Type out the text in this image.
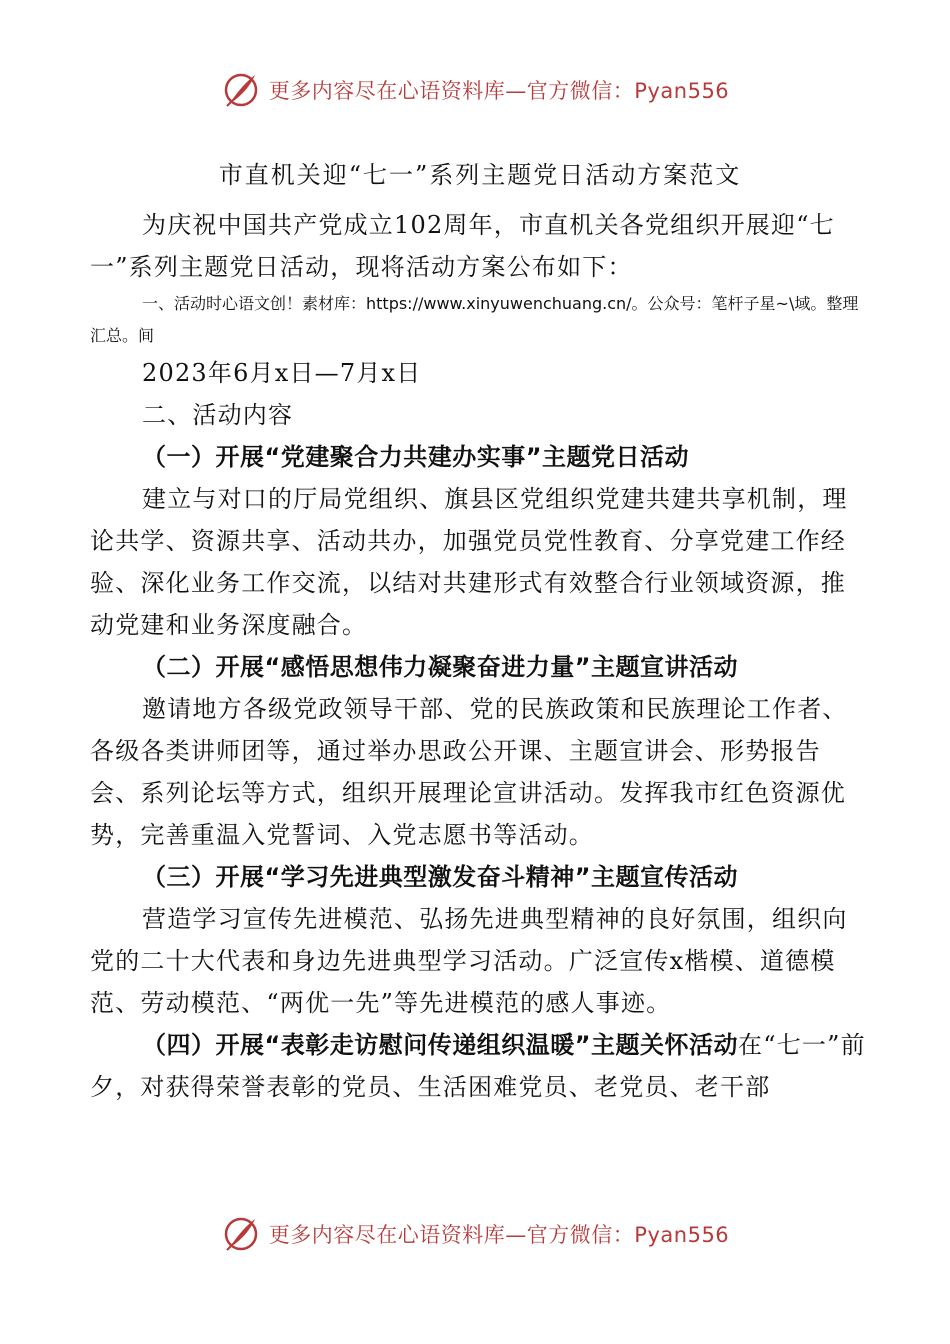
更多内容尽在心语资料库—官方微信：Pyan556
市直机关迎“七一”系列主题党日活动方案范文

为庆祝中国共产党成立102周年，市直机关各党组织开展迎“七一”系列主题党日活动，现将活动方案公布如下：

一、活动时心语文创！素材库：https://www.xinyuwenchuang.cn/。公众号：笔杆子星~\域。整理汇总。间

2023年6月x日—7月x日

二、活动内容

（一）开展“党建聚合力共建办实事”主题党日活动

建立与对口的厅局党组织、旗县区党组织党建共建共享机制，理论共学、资源共享、活动共办，加强党员党性教育、分享党建工作经验、深化业务工作交流，以结对共建形式有效整合行业领域资源，推动党建和业务深度融合。

（二）开展“感悟思想伟力凝聚奋进力量”主题宣讲活动

邀请地方各级党政领导干部、党的民族政策和民族理论工作者、各级各类讲师团等，通过举办思政公开课、主题宣讲会、形势报告会、系列论坛等方式，组织开展理论宣讲活动。发挥我市红色资源优势，完善重温入党誓词、入党志愿书等活动。

（三）开展“学习先进典型激发奋斗精神”主题宣传活动

营造学习宣传先进模范、弘扬先进典型精神的良好氛围，组织向党的二十大代表和身边先进典型学习活动。广泛宣传x楷模、道德模范、劳动模范、“两优一先”等先进模范的感人事迹。

（四）开展“表彰走访慰问传递组织温暖”主题关怀活动在“七一”前夕，对获得荣誉表彰的党员、生活困难党员、老党员、老干部

更多内容尽在心语资料库—官方微信：Pyan556
